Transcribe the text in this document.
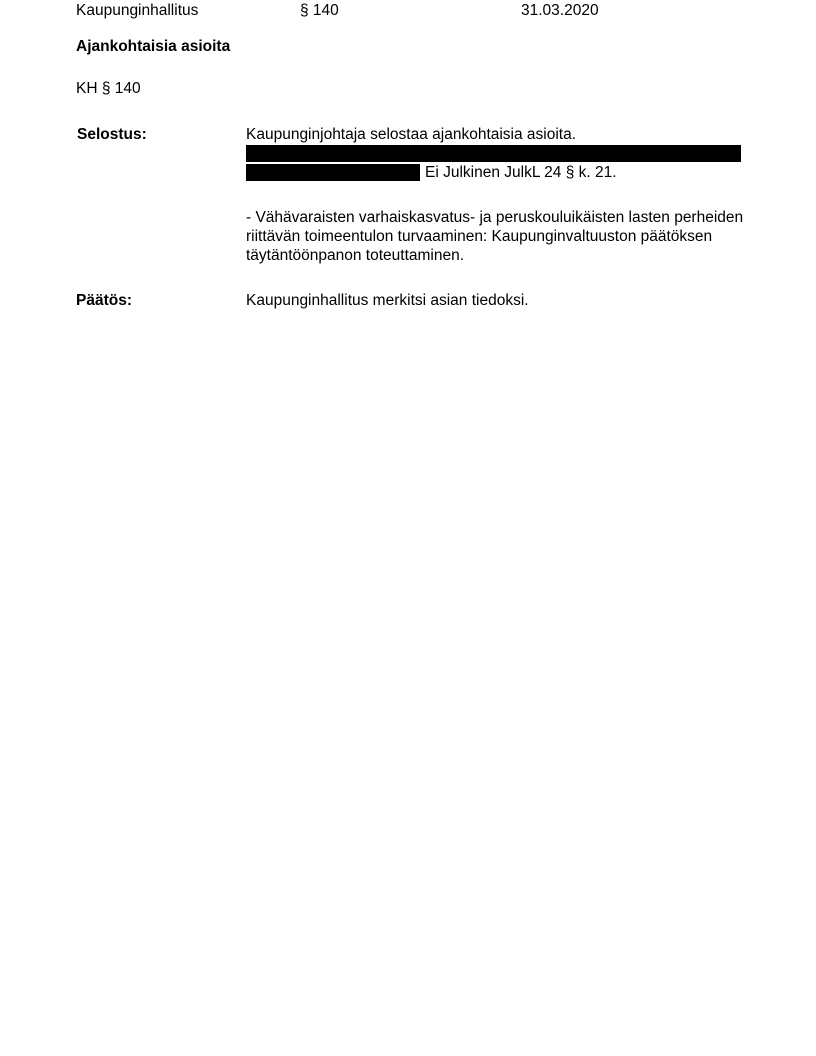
Kaupunginhallitus	§ 140	31.03.2020
Ajankohtaisia asioita
KH § 140
Selostus:	Kaupunginjohtaja selostaa ajankohtaisia asioita.
Ei Julkinen JulkL 24 § k. 21.
- Vähävaraisten varhaiskasvatus- ja peruskouluikäisten lasten perheiden riittävän toimeentulon turvaaminen: Kaupunginvaltuuston päätöksen täytäntöönpanon toteuttaminen.
Päätös:	Kaupunginhallitus merkitsi asian tiedoksi.
